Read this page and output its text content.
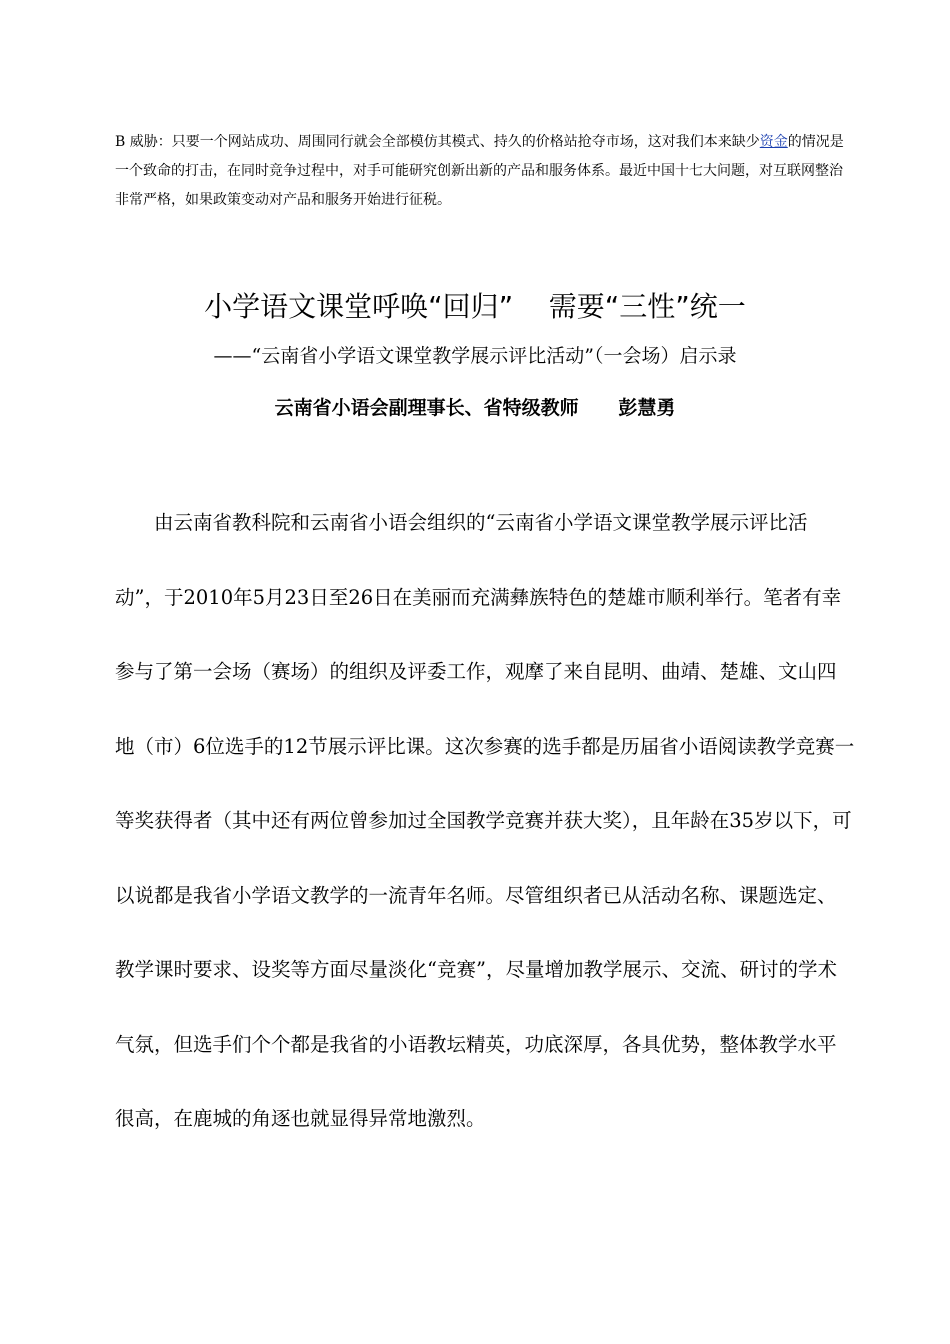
B 威胁：只要一个网站成功、周围同行就会全部模仿其模式、持久的价格站抢夺市场，这对我们本来缺少资金的情况是一个致命的打击，在同时竞争过程中，对手可能研究创新出新的产品和服务体系。最近中国十七大问题，对互联网整治非常严格，如果政策变动对产品和服务开始进行征税。

小学语文课堂呼唤“回归”    需要“三性”统一
——“云南省小学语文课堂教学展示评比活动”（一会场）启示录
云南省小语会副理事长、省特级教师      彭慧勇

由云南省教科院和云南省小语会组织的“云南省小学语文课堂教学展示评比活动”，于2010年5月23日至26日在美丽而充满彝族特色的楚雄市顺利举行。笔者有幸参与了第一会场（赛场）的组织及评委工作，观摩了来自昆明、曲靖、楚雄、文山四地（市）6位选手的12节展示评比课。这次参赛的选手都是历届省小语阅读教学竞赛一等奖获得者（其中还有两位曾参加过全国教学竞赛并获大奖），且年龄在35岁以下，可以说都是我省小学语文教学的一流青年名师。尽管组织者已从活动名称、课题选定、教学课时要求、设奖等方面尽量淡化“竞赛”，尽量增加教学展示、交流、研讨的学术气氛，但选手们个个都是我省的小语教坛精英，功底深厚，各具优势，整体教学水平很高，在鹿城的角逐也就显得异常地激烈。
